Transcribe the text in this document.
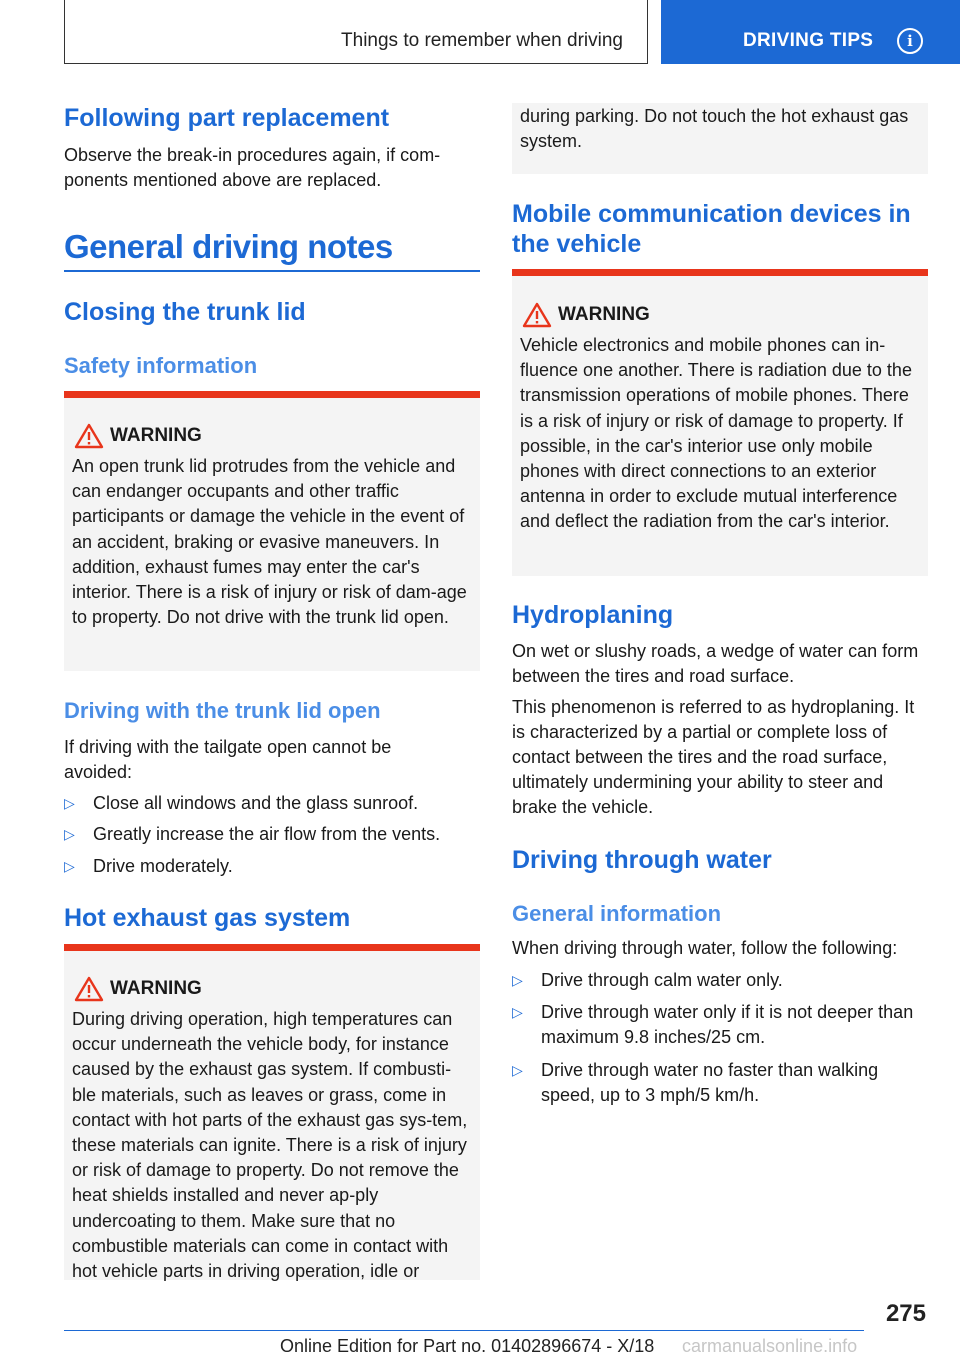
Things to remember when driving	DRIVING TIPS	i
Following part replacement

Observe the break-in procedures again, if com-ponents mentioned above are replaced.

General driving notes
Closing the trunk lid
Safety information
WARNING
An open trunk lid protrudes from the vehicle and can endanger occupants and other traffic participants or damage the vehicle in the event of an accident, braking or evasive maneuvers. In addition, exhaust fumes may enter the car's interior. There is a risk of injury or risk of dam-age to property. Do not drive with the trunk lid open.
Driving with the trunk lid open

If driving with the tailgate open cannot be avoided:

▷ Close all windows and the glass sunroof.
▷ Greatly increase the air flow from the vents.
▷ Drive moderately.
Hot exhaust gas system
WARNING
During driving operation, high temperatures can occur underneath the vehicle body, for instance caused by the exhaust gas system. If combusti-ble materials, such as leaves or grass, come in contact with hot parts of the exhaust gas sys-tem, these materials can ignite. There is a risk of injury or risk of damage to property. Do not remove the heat shields installed and never ap-ply undercoating to them. Make sure that no combustible materials can come in contact with hot vehicle parts in driving operation, idle or
during parking. Do not touch the hot exhaust gas system.
Mobile communication devices in the vehicle
WARNING
Vehicle electronics and mobile phones can in-fluence one another. There is radiation due to the transmission operations of mobile phones. There is a risk of injury or risk of damage to property. If possible, in the car's interior use only mobile phones with direct connections to an exterior antenna in order to exclude mutual interference and deflect the radiation from the car's interior.
Hydroplaning

On wet or slushy roads, a wedge of water can form between the tires and road surface.

This phenomenon is referred to as hydroplaning. It is characterized by a partial or complete loss of contact between the tires and the road surface, ultimately undermining your ability to steer and brake the vehicle.

Driving through water
General information

When driving through water, follow the following:

▷ Drive through calm water only.
▷ Drive through water only if it is not deeper than maximum 9.8 inches/25 cm.
▷ Drive through water no faster than walking speed, up to 3 mph/5 km/h.
275
Online Edition for Part no. 01402896674 - X/18 carmanualsonline.info
